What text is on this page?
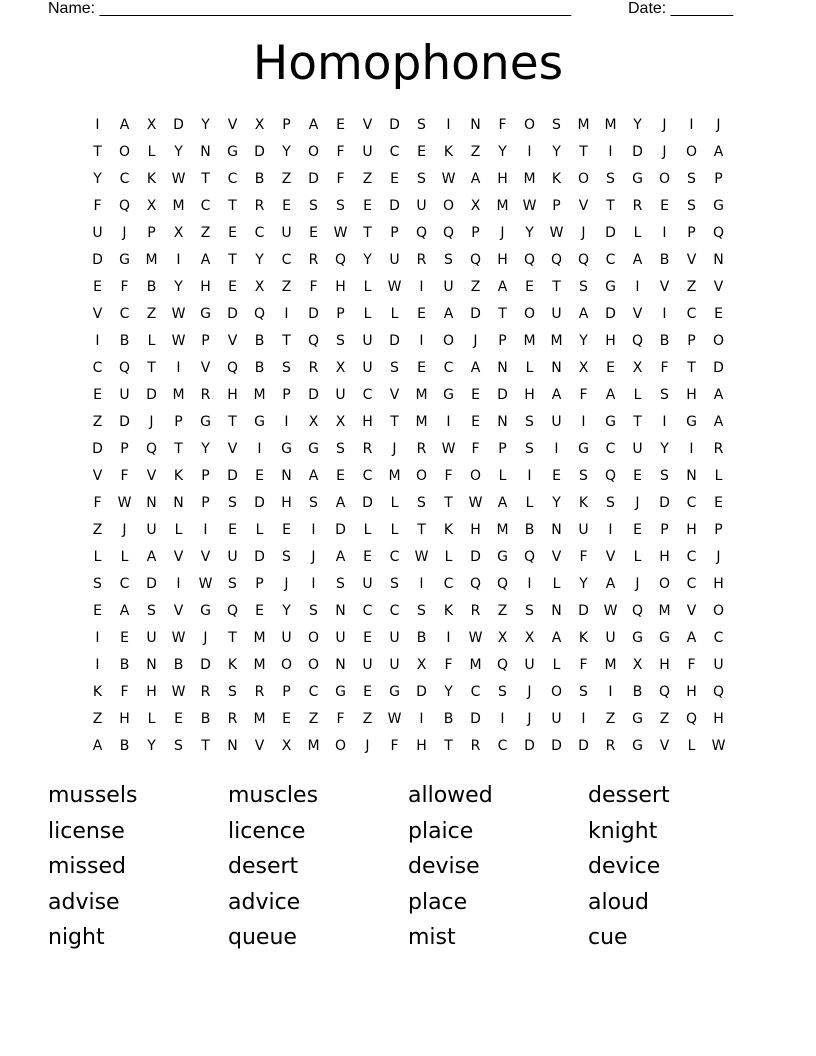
Name: _____________________________________________________	Date: _______
Homophones
I	A	X	D	Y	V	X	P	A	E	V	D	S	I	N	F	O	S	M	M	Y	J	I	J
T	O	L	Y	N	G	D	Y	O	F	U	C	E	K	Z	Y	I	Y	T	I	D	J	O	A
Y	C	K	W	T	C	B	Z	D	F	Z	E	S	W	A	H	M	K	O	S	G	O	S	P
F	Q	X	M	C	T	R	E	S	S	E	D	U	O	X	M	W	P	V	T	R	E	S	G
U	J	P	X	Z	E	C	U	E	W	T	P	Q	Q	P	J	Y	W	J	D	L	I	P	Q
D	G	M	I	A	T	Y	C	R	Q	Y	U	R	S	Q	H	Q	Q	Q	C	A	B	V	N
E	F	B	Y	H	E	X	Z	F	H	L	W	I	U	Z	A	E	T	S	G	I	V	Z	V
V	C	Z	W	G	D	Q	I	D	P	L	L	E	A	D	T	O	U	A	D	V	I	C	E
I	B	L	W	P	V	B	T	Q	S	U	D	I	O	J	P	M	M	Y	H	Q	B	P	O
C	Q	T	I	V	Q	B	S	R	X	U	S	E	C	A	N	L	N	X	E	X	F	T	D
E	U	D	M	R	H	M	P	D	U	C	V	M	G	E	D	H	A	F	A	L	S	H	A
Z	D	J	P	G	T	G	I	X	X	H	T	M	I	E	N	S	U	I	G	T	I	G	A
D	P	Q	T	Y	V	I	G	G	S	R	J	R	W	F	P	S	I	G	C	U	Y	I	R
V	F	V	K	P	D	E	N	A	E	C	M	O	F	O	L	I	E	S	Q	E	S	N	L
F	W	N	N	P	S	D	H	S	A	D	L	S	T	W	A	L	Y	K	S	J	D	C	E
Z	J	U	L	I	E	L	E	I	D	L	L	T	K	H	M	B	N	U	I	E	P	H	P
L	L	A	V	V	U	D	S	J	A	E	C	W	L	D	G	Q	V	F	V	L	H	C	J
S	C	D	I	W	S	P	J	I	S	U	S	I	C	Q	Q	I	L	Y	A	J	O	C	H
E	A	S	V	G	Q	E	Y	S	N	C	C	S	K	R	Z	S	N	D	W	Q	M	V	O
I	E	U	W	J	T	M	U	O	U	E	U	B	I	W	X	X	A	K	U	G	G	A	C
I	B	N	B	D	K	M	O	O	N	U	U	X	F	M	Q	U	L	F	M	X	H	F	U
K	F	H	W	R	S	R	P	C	G	E	G	D	Y	C	S	J	O	S	I	B	Q	H	Q
Z	H	L	E	B	R	M	E	Z	F	Z	W	I	B	D	I	J	U	I	Z	G	Z	Q	H
A	B	Y	S	T	N	V	X	M	O	J	F	H	T	R	C	D	D	D	R	G	V	L	W
mussels	muscles	allowed	dessert
license	licence	plaice	knight
missed	desert	devise	device
advise	advice	place	aloud
night	queue	mist	cue
